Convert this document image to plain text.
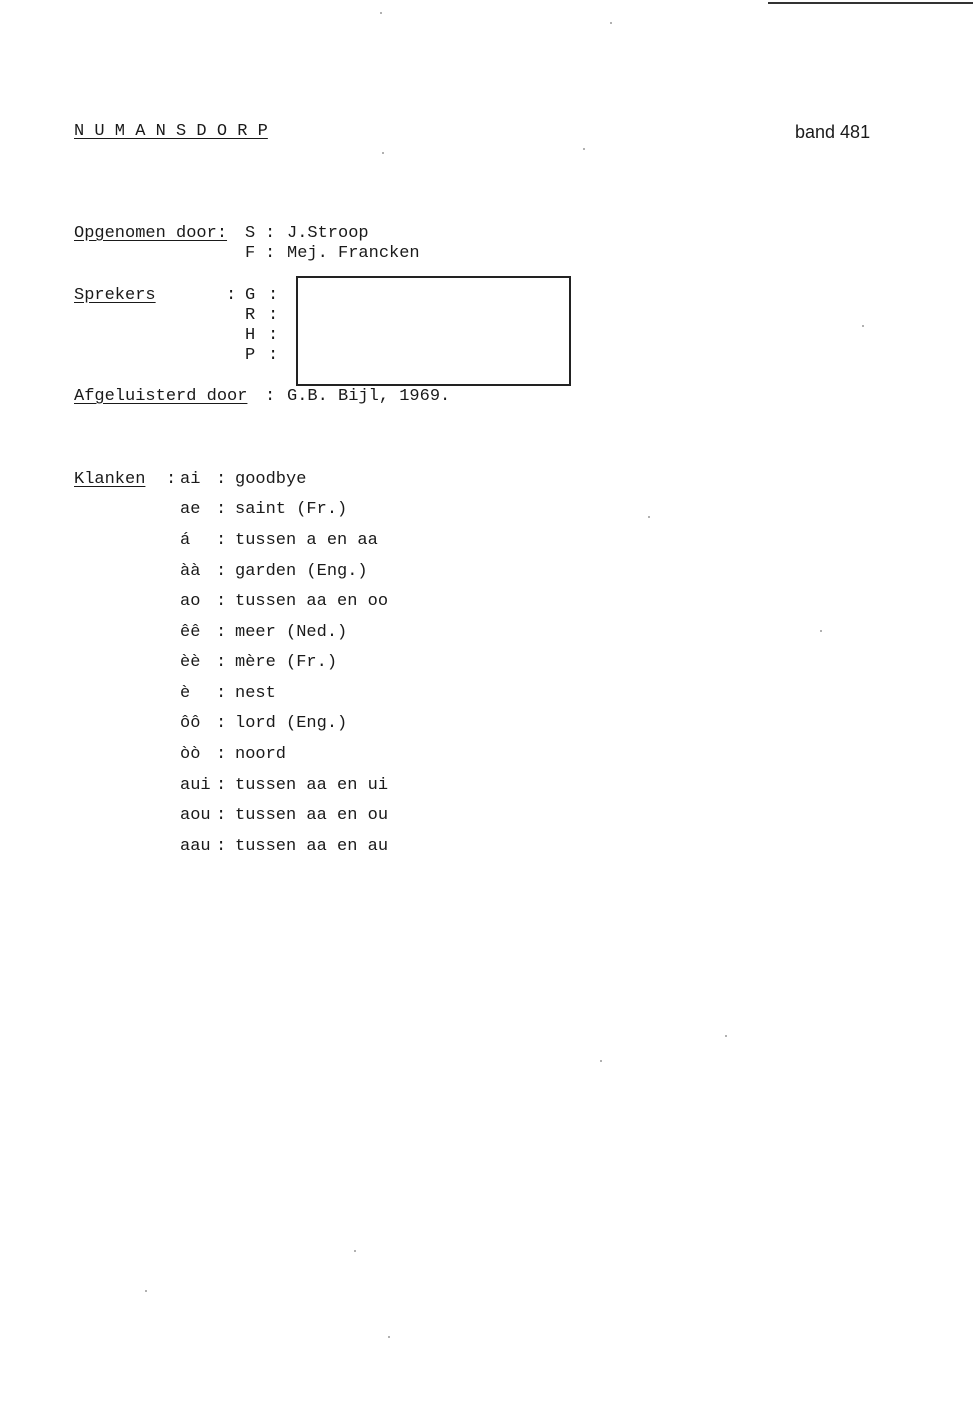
N U M A N S D O R P	band 481
Opgenomen door: S : J.Stroop
F : Mej. Francken
Sprekers	: G :
R :
H :
P :
Afgeluisterd door : G.B. Bijl, 1969.
Klanken : ai : goodbye
ae : saint (Fr.)
á	: tussen a en aa
àà : garden (Eng.)
ao : tussen aa en oo
êê : meer (Ned.)
èè : mère (Fr.)
è	: nest
ôô : lord (Eng.)
òò : noord
aui : tussen aa en ui
aou : tussen aa en ou
aau : tussen aa en au
